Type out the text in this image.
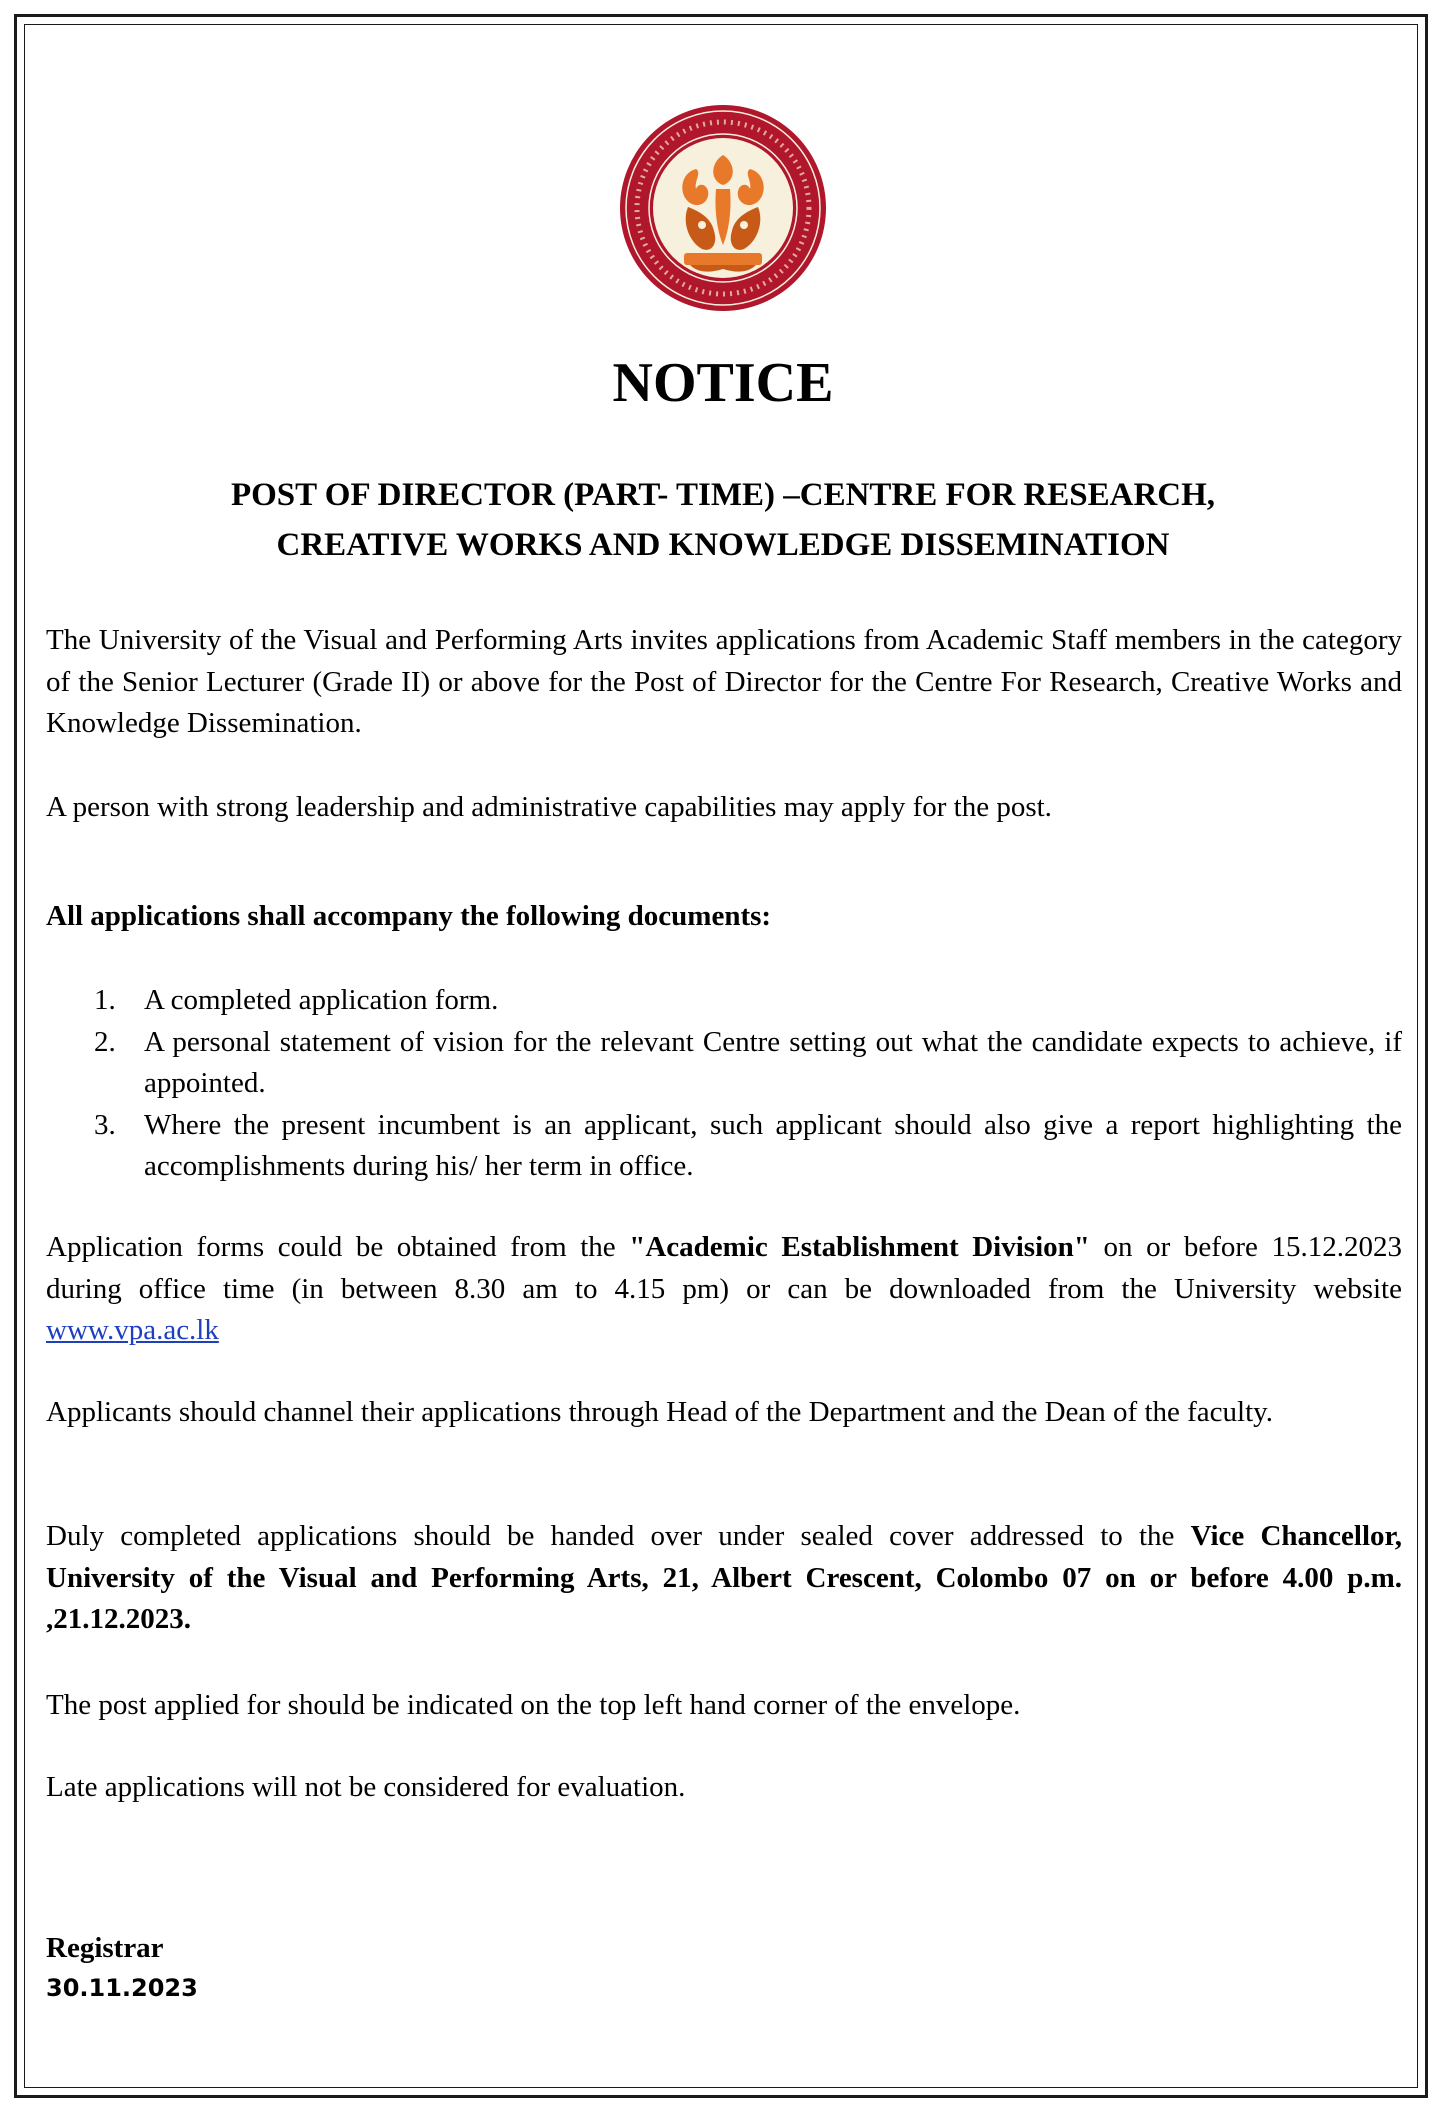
NOTICE
POST OF DIRECTOR (PART- TIME) –CENTRE FOR RESEARCH,
CREATIVE WORKS AND KNOWLEDGE DISSEMINATION

The University of the Visual and Performing Arts invites applications from Academic Staff members in the category of the Senior Lecturer (Grade II) or above for the Post of Director for the Centre For Research, Creative Works and Knowledge Dissemination.

A person with strong leadership and administrative capabilities may apply for the post.

All applications shall accompany the following documents:

1. A completed application form.
2. A personal statement of vision for the relevant Centre setting out what the candidate expects to achieve, if appointed.
3. Where the present incumbent is an applicant, such applicant should also give a report highlighting the accomplishments during his/ her term in office.

Application forms could be obtained from the "Academic Establishment Division" on or before 15.12.2023 during office time (in between 8.30 am to 4.15 pm) or can be downloaded from the University website www.vpa.ac.lk

Applicants should channel their applications through Head of the Department and the Dean of the faculty.

Duly completed applications should be handed over under sealed cover addressed to the Vice Chancellor, University of the Visual and Performing Arts, 21, Albert Crescent, Colombo 07 on or before 4.00 p.m. ,21.12.2023.

The post applied for should be indicated on the top left hand corner of the envelope.

Late applications will not be considered for evaluation.

Registrar

30.11.2023
